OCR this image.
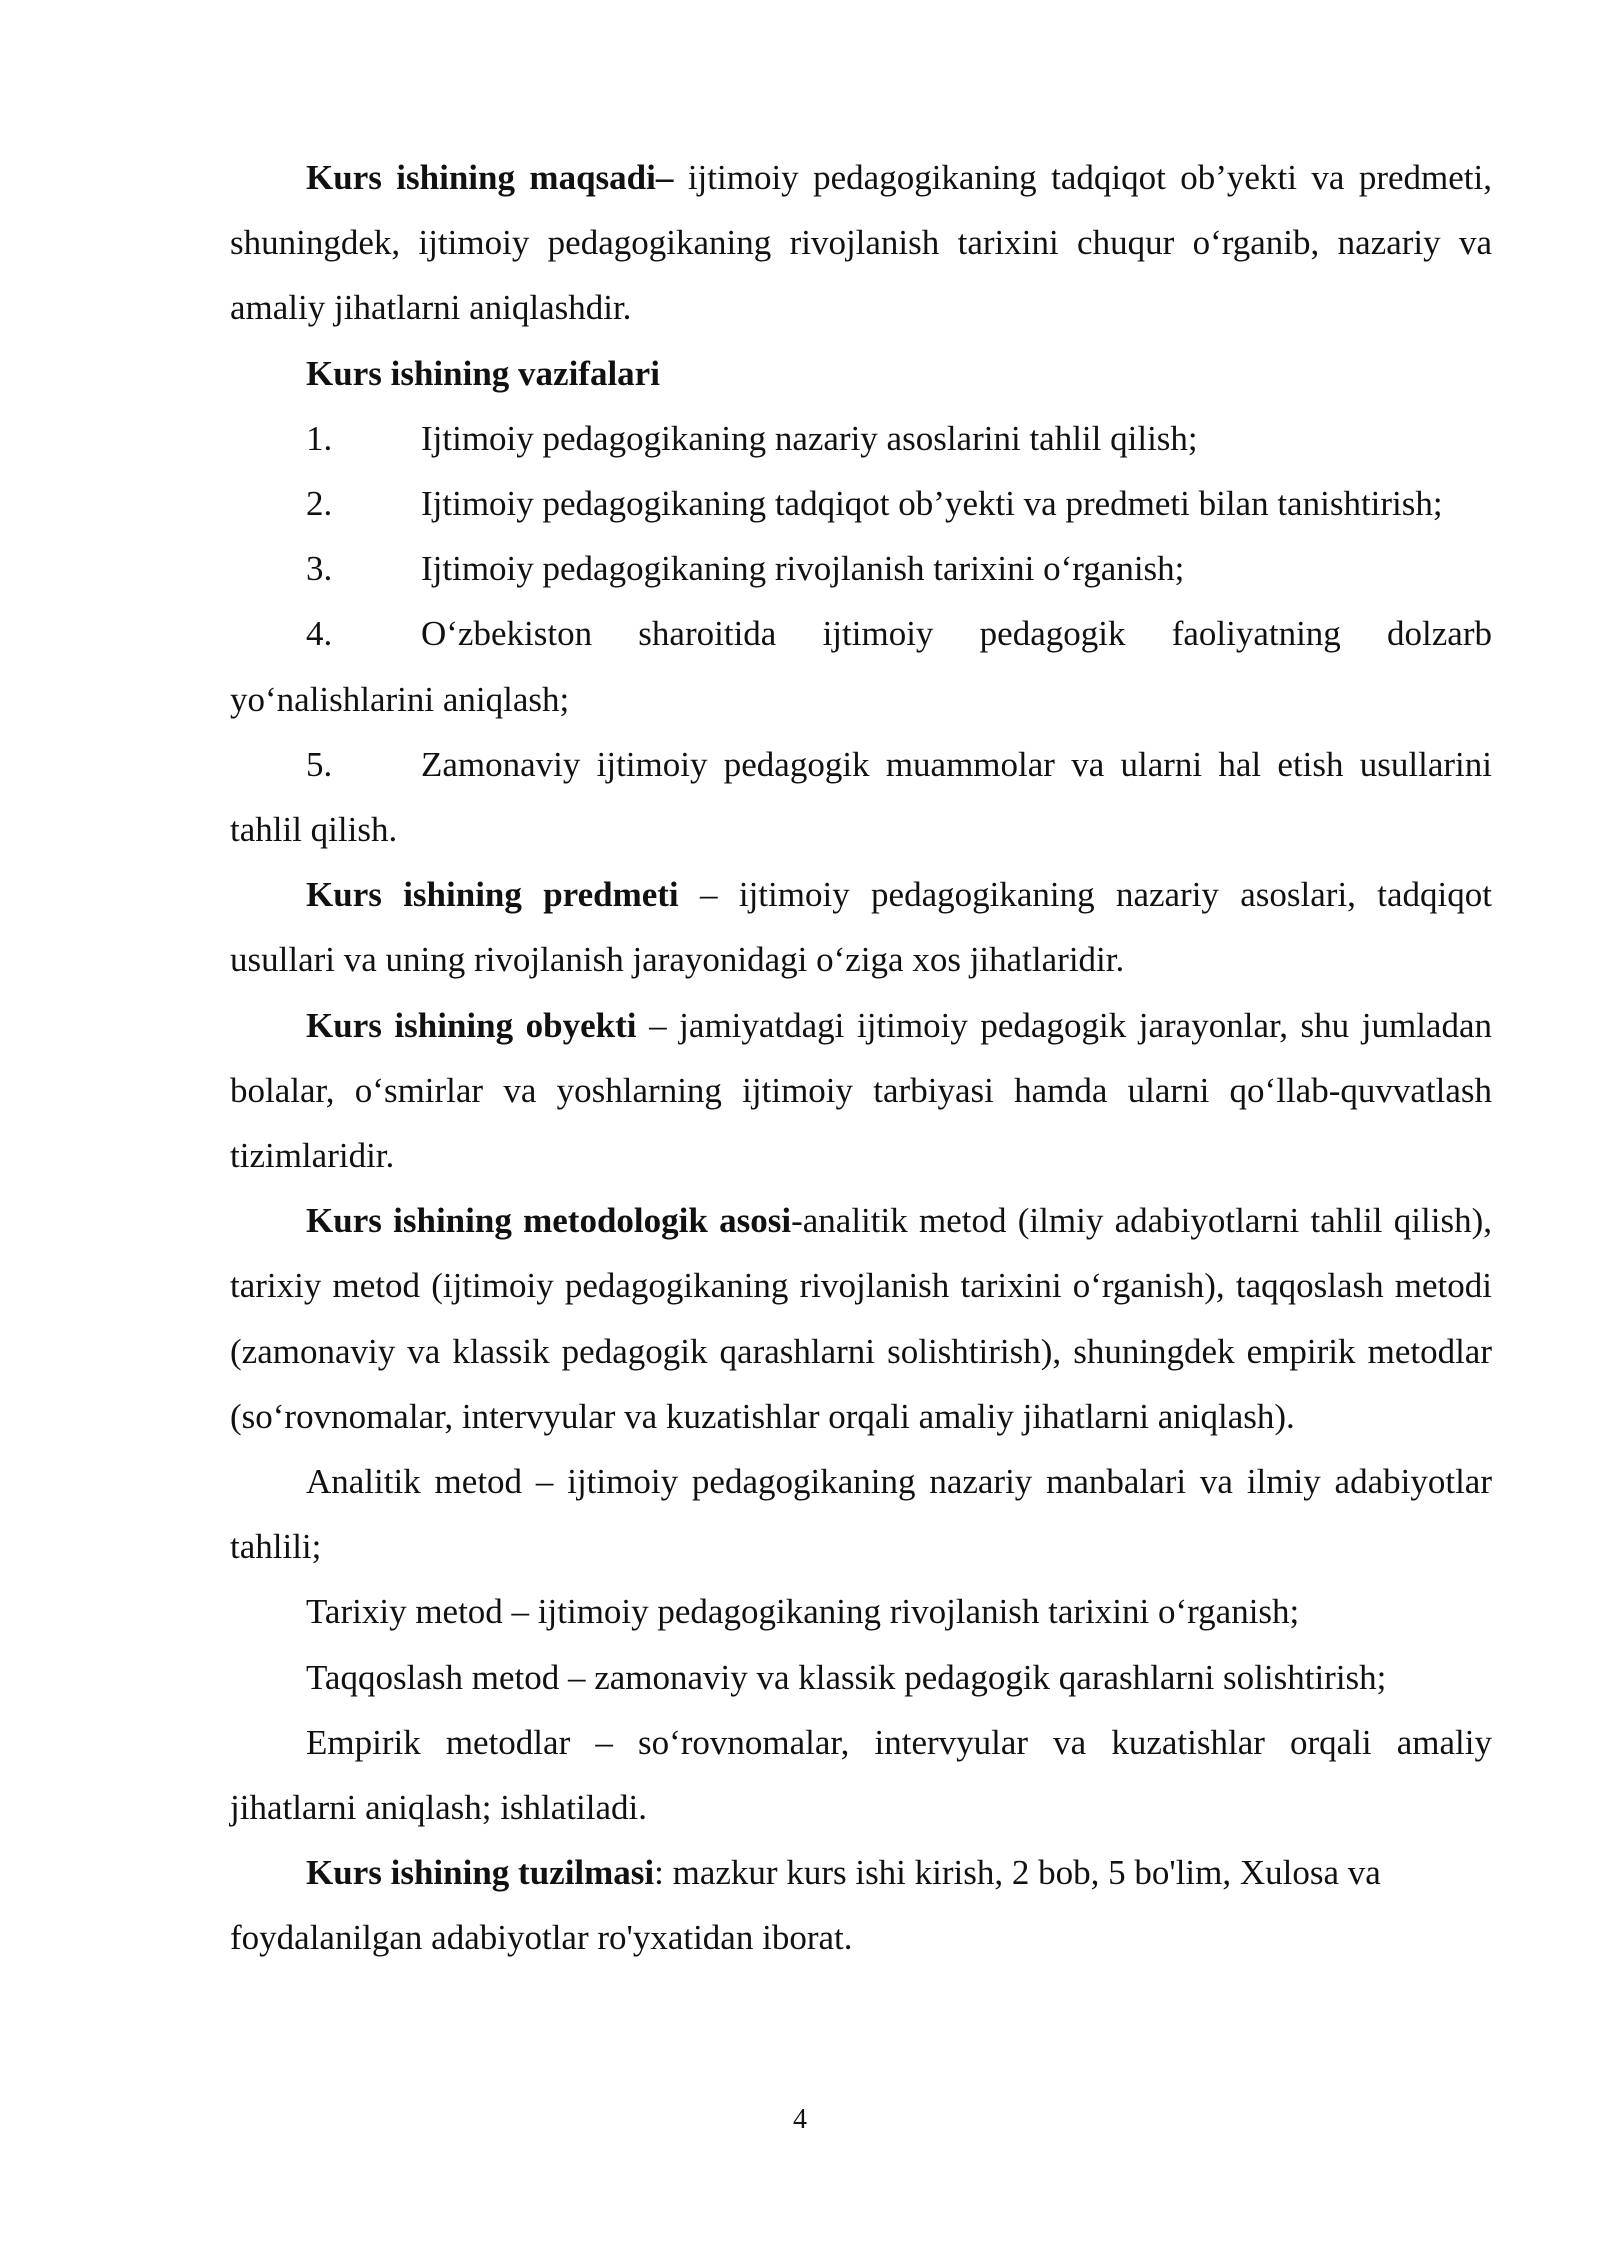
Kurs ishining maqsadi– ijtimoiy pedagogikaning tadqiqot ob’yekti va predmeti, shuningdek, ijtimoiy pedagogikaning rivojlanish tarixini chuqur o‘rganib, nazariy va amaliy jihatlarni aniqlashdir.

Kurs ishining vazifalari

1.	Ijtimoiy pedagogikaning nazariy asoslarini tahlil qilish;

2.	Ijtimoiy pedagogikaning tadqiqot ob’yekti va predmeti bilan tanishtirish;

3.	Ijtimoiy pedagogikaning rivojlanish tarixini o‘rganish;

4.	O‘zbekiston sharoitida ijtimoiy pedagogik faoliyatning dolzarb yo‘nalishlarini aniqlash;

5.	Zamonaviy ijtimoiy pedagogik muammolar va ularni hal etish usullarini tahlil qilish.

Kurs ishining predmeti – ijtimoiy pedagogikaning nazariy asoslari, tadqiqot usullari va uning rivojlanish jarayonidagi o‘ziga xos jihatlaridir.

Kurs ishining obyekti – jamiyatdagi ijtimoiy pedagogik jarayonlar, shu jumladan bolalar, o‘smirlar va yoshlarning ijtimoiy tarbiyasi hamda ularni qo‘llab-quvvatlash tizimlaridir.

Kurs ishining metodologik asosi-analitik metod (ilmiy adabiyotlarni tahlil qilish), tarixiy metod (ijtimoiy pedagogikaning rivojlanish tarixini o‘rganish), taqqoslash metodi (zamonaviy va klassik pedagogik qarashlarni solishtirish), shuningdek empirik metodlar (so‘rovnomalar, intervyular va kuzatishlar orqali amaliy jihatlarni aniqlash).

Analitik metod – ijtimoiy pedagogikaning nazariy manbalari va ilmiy adabiyotlar tahlili;

Tarixiy metod – ijtimoiy pedagogikaning rivojlanish tarixini o‘rganish;

Taqqoslash metod – zamonaviy va klassik pedagogik qarashlarni solishtirish;

Empirik metodlar – so‘rovnomalar, intervyular va kuzatishlar orqali amaliy jihatlarni aniqlash; ishlatiladi.

Kurs ishining tuzilmasi: mazkur kurs ishi kirish, 2 bob, 5 bo'lim, Xulosa va foydalanilgan adabiyotlar ro'yxatidan iborat.

4
